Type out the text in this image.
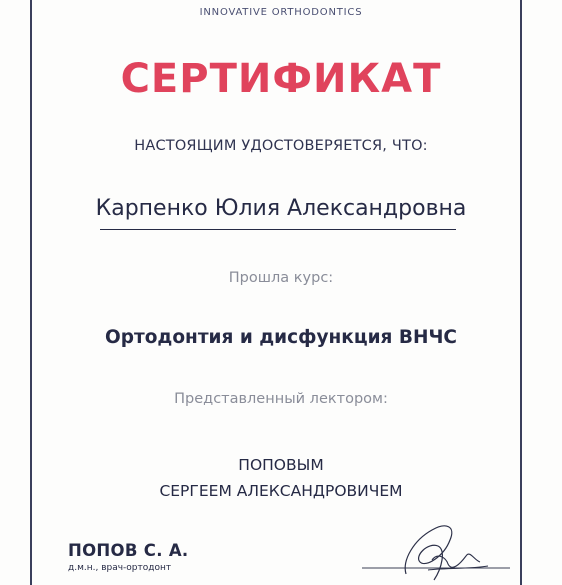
INNOVATIVE ORTHODONTICS
СЕРТИФИКАТ
НАСТОЯЩИМ УДОСТОВЕРЯЕТСЯ, ЧТО:
Карпенко Юлия Александровна
Прошла курс:
Ортодонтия и дисфункция ВНЧС
Представленный лектором:
ПОПОВЫМ
СЕРГЕЕМ АЛЕКСАНДРОВИЧЕМ
ПОПОВ С. А.
д.м.н., врач-ортодонт
